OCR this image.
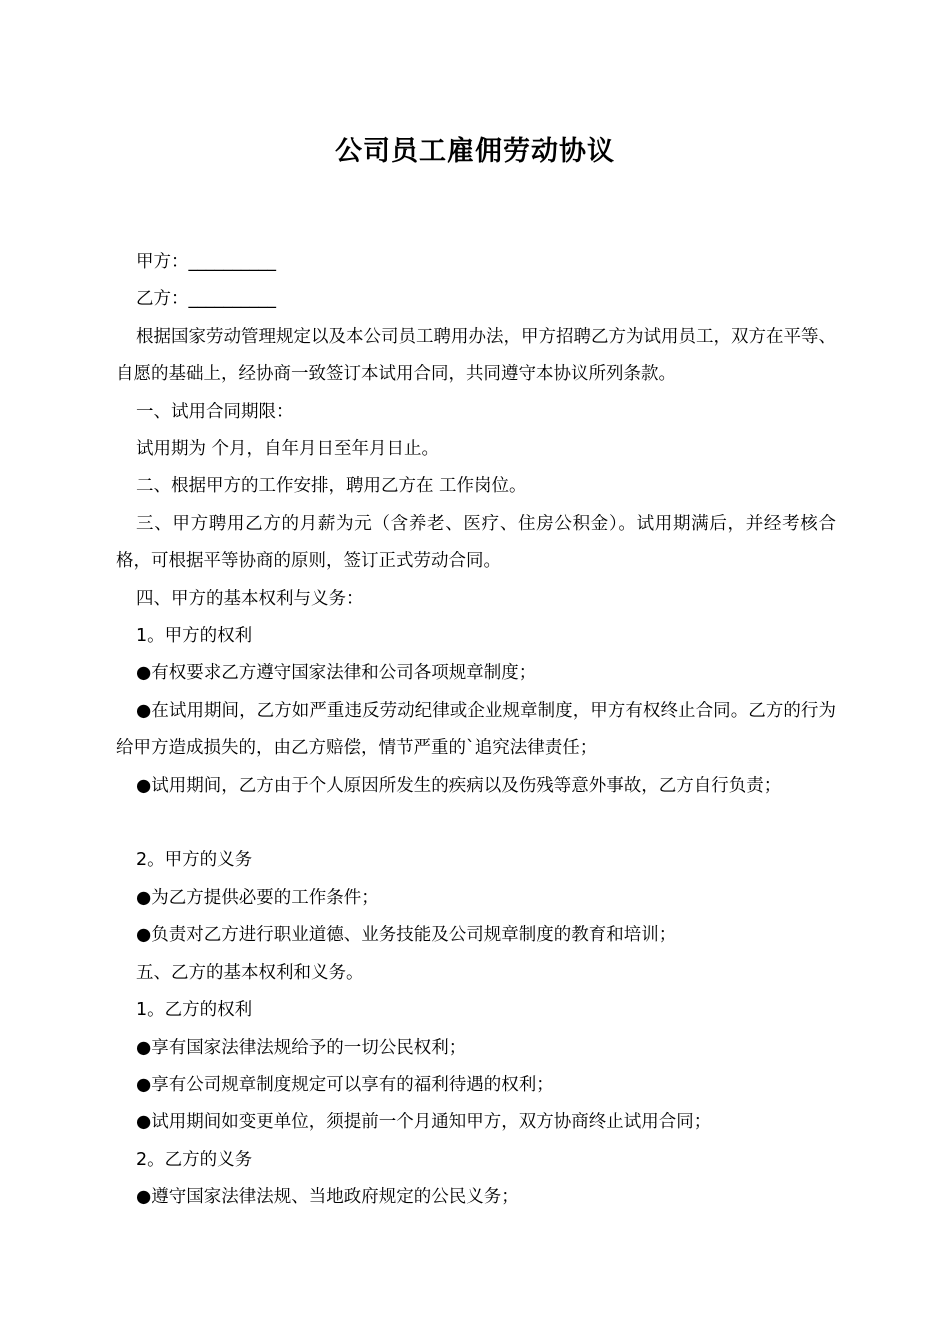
公司员工雇佣劳动协议

甲方：__________

乙方：__________

根据国家劳动管理规定以及本公司员工聘用办法，甲方招聘乙方为试用员工，双方在平等、自愿的基础上，经协商一致签订本试用合同，共同遵守本协议所列条款。

一、试用合同期限：

试用期为 个月，自年月日至年月日止。

二、根据甲方的工作安排，聘用乙方在 工作岗位。

三、甲方聘用乙方的月薪为元（含养老、医疗、住房公积金）。试用期满后，并经考核合格，可根据平等协商的原则，签订正式劳动合同。

四、甲方的基本权利与义务：

1。甲方的权利

●有权要求乙方遵守国家法律和公司各项规章制度；

●在试用期间，乙方如严重违反劳动纪律或企业规章制度，甲方有权终止合同。乙方的行为给甲方造成损失的，由乙方赔偿，情节严重的`追究法律责任；

●试用期间，乙方由于个人原因所发生的疾病以及伤残等意外事故，乙方自行负责；

2。甲方的义务

●为乙方提供必要的工作条件；

●负责对乙方进行职业道德、业务技能及公司规章制度的教育和培训；

五、乙方的基本权利和义务。

1。乙方的权利

●享有国家法律法规给予的一切公民权利；

●享有公司规章制度规定可以享有的福利待遇的权利；

●试用期间如变更单位，须提前一个月通知甲方，双方协商终止试用合同；

2。乙方的义务

●遵守国家法律法规、当地政府规定的公民义务；
